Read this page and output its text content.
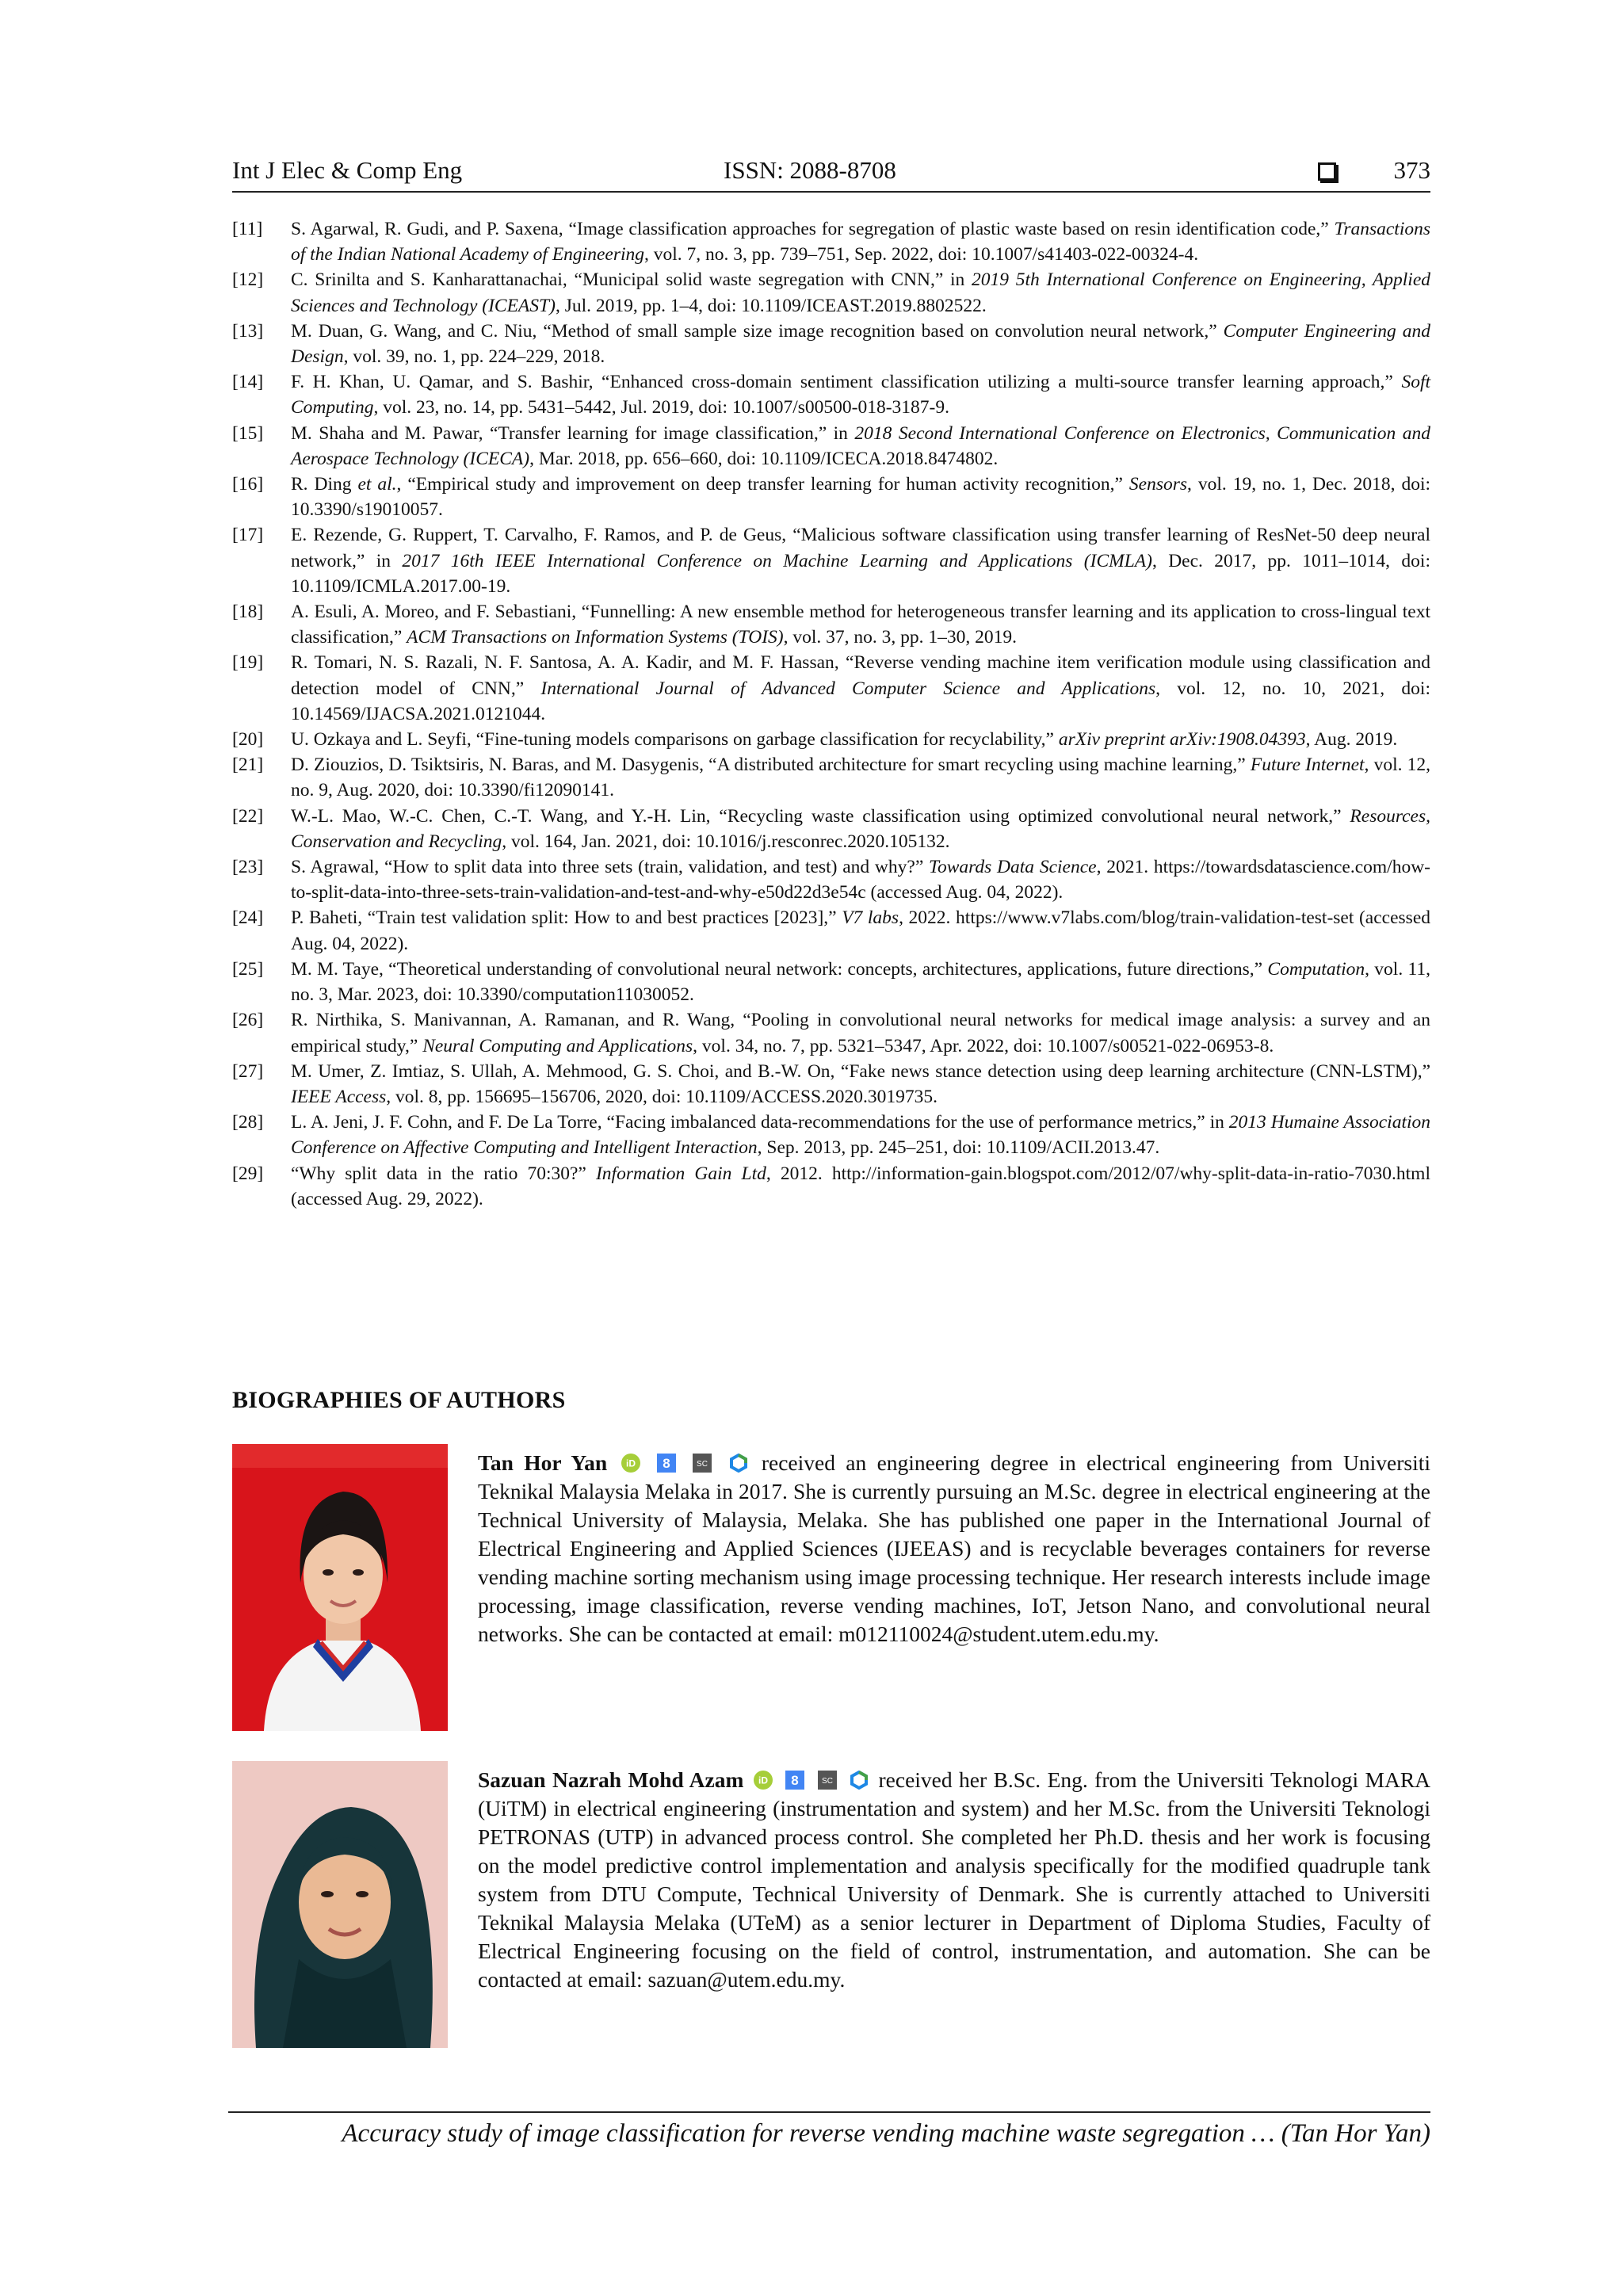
Int J Elec & Comp Eng	ISSN: 2088-8708	373
[11] S. Agarwal, R. Gudi, and P. Saxena, “Image classification approaches for segregation of plastic waste based on resin identification code,” Transactions of the Indian National Academy of Engineering, vol. 7, no. 3, pp. 739–751, Sep. 2022, doi: 10.1007/s41403-022-00324-4.
[12] C. Srinilta and S. Kanharattanachai, “Municipal solid waste segregation with CNN,” in 2019 5th International Conference on Engineering, Applied Sciences and Technology (ICEAST), Jul. 2019, pp. 1–4, doi: 10.1109/ICEAST.2019.8802522.
[13] M. Duan, G. Wang, and C. Niu, “Method of small sample size image recognition based on convolution neural network,” Computer Engineering and Design, vol. 39, no. 1, pp. 224–229, 2018.
[14] F. H. Khan, U. Qamar, and S. Bashir, “Enhanced cross-domain sentiment classification utilizing a multi-source transfer learning approach,” Soft Computing, vol. 23, no. 14, pp. 5431–5442, Jul. 2019, doi: 10.1007/s00500-018-3187-9.
[15] M. Shaha and M. Pawar, “Transfer learning for image classification,” in 2018 Second International Conference on Electronics, Communication and Aerospace Technology (ICECA), Mar. 2018, pp. 656–660, doi: 10.1109/ICECA.2018.8474802.
[16] R. Ding et al., “Empirical study and improvement on deep transfer learning for human activity recognition,” Sensors, vol. 19, no. 1, Dec. 2018, doi: 10.3390/s19010057.
[17] E. Rezende, G. Ruppert, T. Carvalho, F. Ramos, and P. de Geus, “Malicious software classification using transfer learning of ResNet-50 deep neural network,” in 2017 16th IEEE International Conference on Machine Learning and Applications (ICMLA), Dec. 2017, pp. 1011–1014, doi: 10.1109/ICMLA.2017.00-19.
[18] A. Esuli, A. Moreo, and F. Sebastiani, “Funnelling: A new ensemble method for heterogeneous transfer learning and its application to cross-lingual text classification,” ACM Transactions on Information Systems (TOIS), vol. 37, no. 3, pp. 1–30, 2019.
[19] R. Tomari, N. S. Razali, N. F. Santosa, A. A. Kadir, and M. F. Hassan, “Reverse vending machine item verification module using classification and detection model of CNN,” International Journal of Advanced Computer Science and Applications, vol. 12, no. 10, 2021, doi: 10.14569/IJACSA.2021.0121044.
[20] U. Ozkaya and L. Seyfi, “Fine-tuning models comparisons on garbage classification for recyclability,” arXiv preprint arXiv:1908.04393, Aug. 2019.
[21] D. Ziouzios, D. Tsiktsiris, N. Baras, and M. Dasygenis, “A distributed architecture for smart recycling using machine learning,” Future Internet, vol. 12, no. 9, Aug. 2020, doi: 10.3390/fi12090141.
[22] W.-L. Mao, W.-C. Chen, C.-T. Wang, and Y.-H. Lin, “Recycling waste classification using optimized convolutional neural network,” Resources, Conservation and Recycling, vol. 164, Jan. 2021, doi: 10.1016/j.resconrec.2020.105132.
[23] S. Agrawal, “How to split data into three sets (train, validation, and test) and why?” Towards Data Science, 2021. https://towardsdatascience.com/how-to-split-data-into-three-sets-train-validation-and-test-and-why-e50d22d3e54c (accessed Aug. 04, 2022).
[24] P. Baheti, “Train test validation split: How to and best practices [2023],” V7 labs, 2022. https://www.v7labs.com/blog/train-validation-test-set (accessed Aug. 04, 2022).
[25] M. M. Taye, “Theoretical understanding of convolutional neural network: concepts, architectures, applications, future directions,” Computation, vol. 11, no. 3, Mar. 2023, doi: 10.3390/computation11030052.
[26] R. Nirthika, S. Manivannan, A. Ramanan, and R. Wang, “Pooling in convolutional neural networks for medical image analysis: a survey and an empirical study,” Neural Computing and Applications, vol. 34, no. 7, pp. 5321–5347, Apr. 2022, doi: 10.1007/s00521-022-06953-8.
[27] M. Umer, Z. Imtiaz, S. Ullah, A. Mehmood, G. S. Choi, and B.-W. On, “Fake news stance detection using deep learning architecture (CNN-LSTM),” IEEE Access, vol. 8, pp. 156695–156706, 2020, doi: 10.1109/ACCESS.2020.3019735.
[28] L. A. Jeni, J. F. Cohn, and F. De La Torre, “Facing imbalanced data-recommendations for the use of performance metrics,” in 2013 Humaine Association Conference on Affective Computing and Intelligent Interaction, Sep. 2013, pp. 245–251, doi: 10.1109/ACII.2013.47.
[29] “Why split data in the ratio 70:30?” Information Gain Ltd, 2012. http://information-gain.blogspot.com/2012/07/why-split-data-in-ratio-7030.html (accessed Aug. 29, 2022).
BIOGRAPHIES OF AUTHORS
Tan Hor Yan iD
8
	SC
received an engineering degree in electrical engineering from Universiti Teknikal Malaysia Melaka in 2017. She is currently pursuing an M.Sc. degree in electrical engineering at the Technical University of Malaysia, Melaka. She has published one paper in the International Journal of Electrical Engineering and Applied Sciences (IJEEAS) and is recyclable beverages containers for reverse vending machine sorting mechanism using image processing technique. Her research interests include image processing, image classification, reverse vending machines, IoT, Jetson Nano, and convolutional neural networks. She can be contacted at email: m012110024@student.utem.edu.my.
Sazuan Nazrah Mohd Azam iD
8
	SC
received her B.Sc. Eng. from the Universiti Teknologi MARA (UiTM) in electrical engineering (instrumentation and system) and her M.Sc. from the Universiti Teknologi PETRONAS (UTP) in advanced process control. She completed her Ph.D. thesis and her work is focusing on the model predictive control implementation and analysis specifically for the modified quadruple tank system from DTU Compute, Technical University of Denmark. She is currently attached to Universiti Teknikal Malaysia Melaka (UTeM) as a senior lecturer in Department of Diploma Studies, Faculty of Electrical Engineering focusing on the field of control, instrumentation, and automation. She can be contacted at email: sazuan@utem.edu.my.
Accuracy study of image classification for reverse vending machine waste segregation … (Tan Hor Yan)
